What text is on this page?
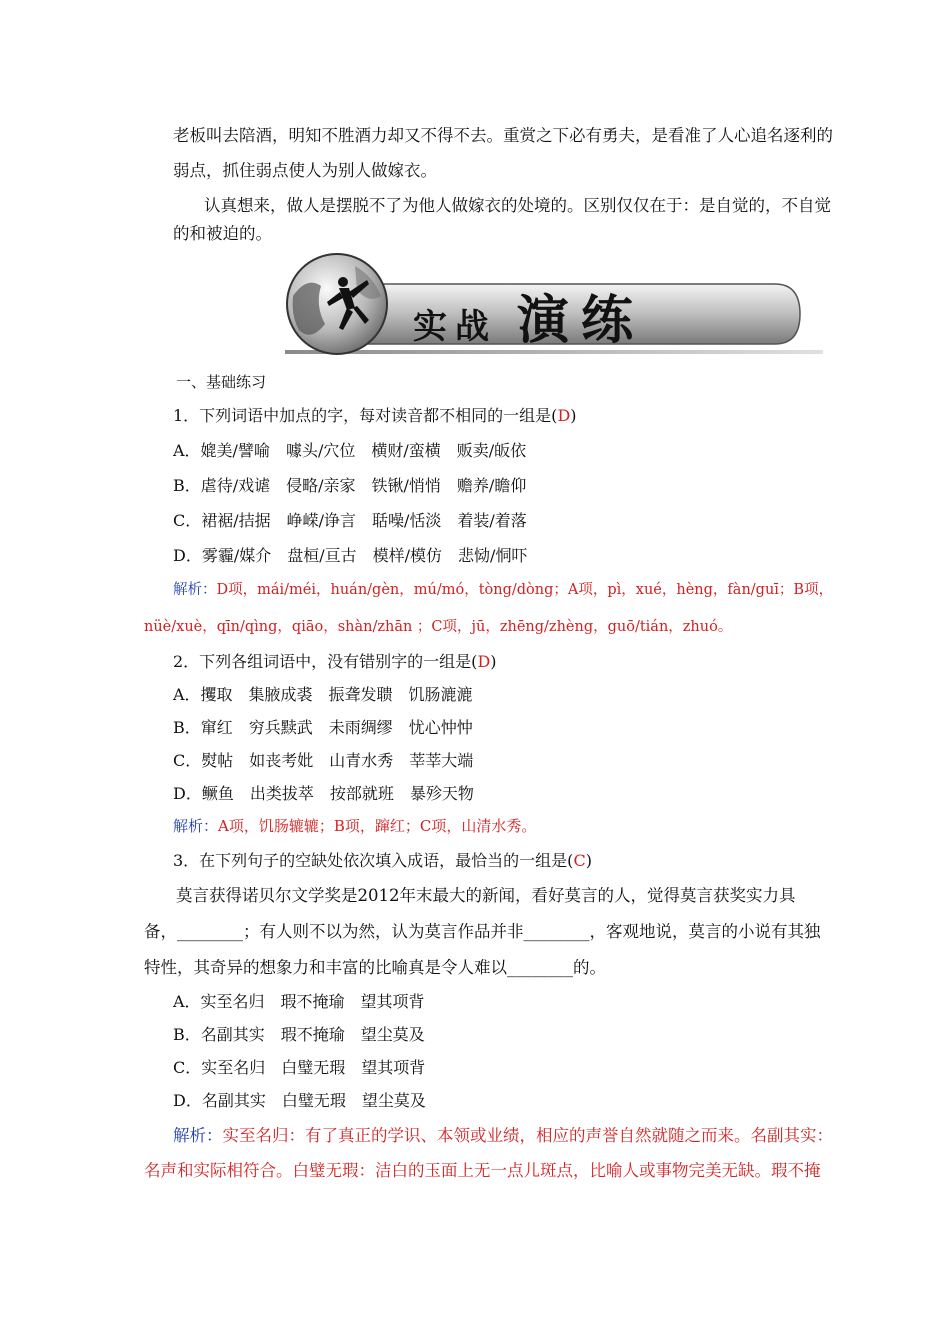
老板叫去陪酒，明知不胜酒力却又不得不去。重赏之下必有勇夫，是看准了人心追名逐利的
弱点，抓住弱点使人为别人做嫁衣。
认真想来，做人是摆脱不了为他人做嫁衣的处境的。区别仅仅在于：是自觉的，不自觉
的和被迫的。
实 战 演 练
一、基础练习
1．下列词语中加点的字，每对读音都不相同的一组是(D)
A．媲美/譬喻　噱头/穴位　横财/蛮横　贩卖/皈依
B．虐待/戏谑　侵略/亲家　铁锹/悄悄　赡养/瞻仰
C．裙裾/拮据　峥嵘/诤言　聒噪/恬淡　着装/着落
D．雾霾/媒介　盘桓/亘古　模样/模仿　悲恸/恫吓
解析：D项，mái/méi，huán/gèn，mú/mó，tòng/dòng；A项，pì，xué，hèng，fàn/guī；B项，
nüè/xuè，qīn/qìng，qiāo，shàn/zhān ；C项，jū，zhēng/zhèng，guō/tián，zhuó。
2．下列各组词语中，没有错别字的一组是(D)
A．攫取　集腋成裘　振聋发聩　饥肠漉漉
B．窜红　穷兵黩武　未雨绸缪　忧心忡忡
C．熨帖　如丧考妣　山青水秀　莘莘大端
D．鳜鱼　出类拔萃　按部就班　暴殄天物
解析：A项，饥肠辘辘；B项，蹿红；C项，山清水秀。
3．在下列句子的空缺处依次填入成语，最恰当的一组是(C)
莫言获得诺贝尔文学奖是2012年末最大的新闻，看好莫言的人，觉得莫言获奖实力具
备，________；有人则不以为然，认为莫言作品并非________，客观地说，莫言的小说有其独
特性，其奇异的想象力和丰富的比喻真是令人难以________的。
A．实至名归　瑕不掩瑜　望其项背
B．名副其实　瑕不掩瑜　望尘莫及
C．实至名归　白璧无瑕　望其项背
D．名副其实　白璧无瑕　望尘莫及
解析：实至名归：有了真正的学识、本领或业绩，相应的声誉自然就随之而来。名副其实：
名声和实际相符合。白璧无瑕：洁白的玉面上无一点儿斑点，比喻人或事物完美无缺。瑕不掩
